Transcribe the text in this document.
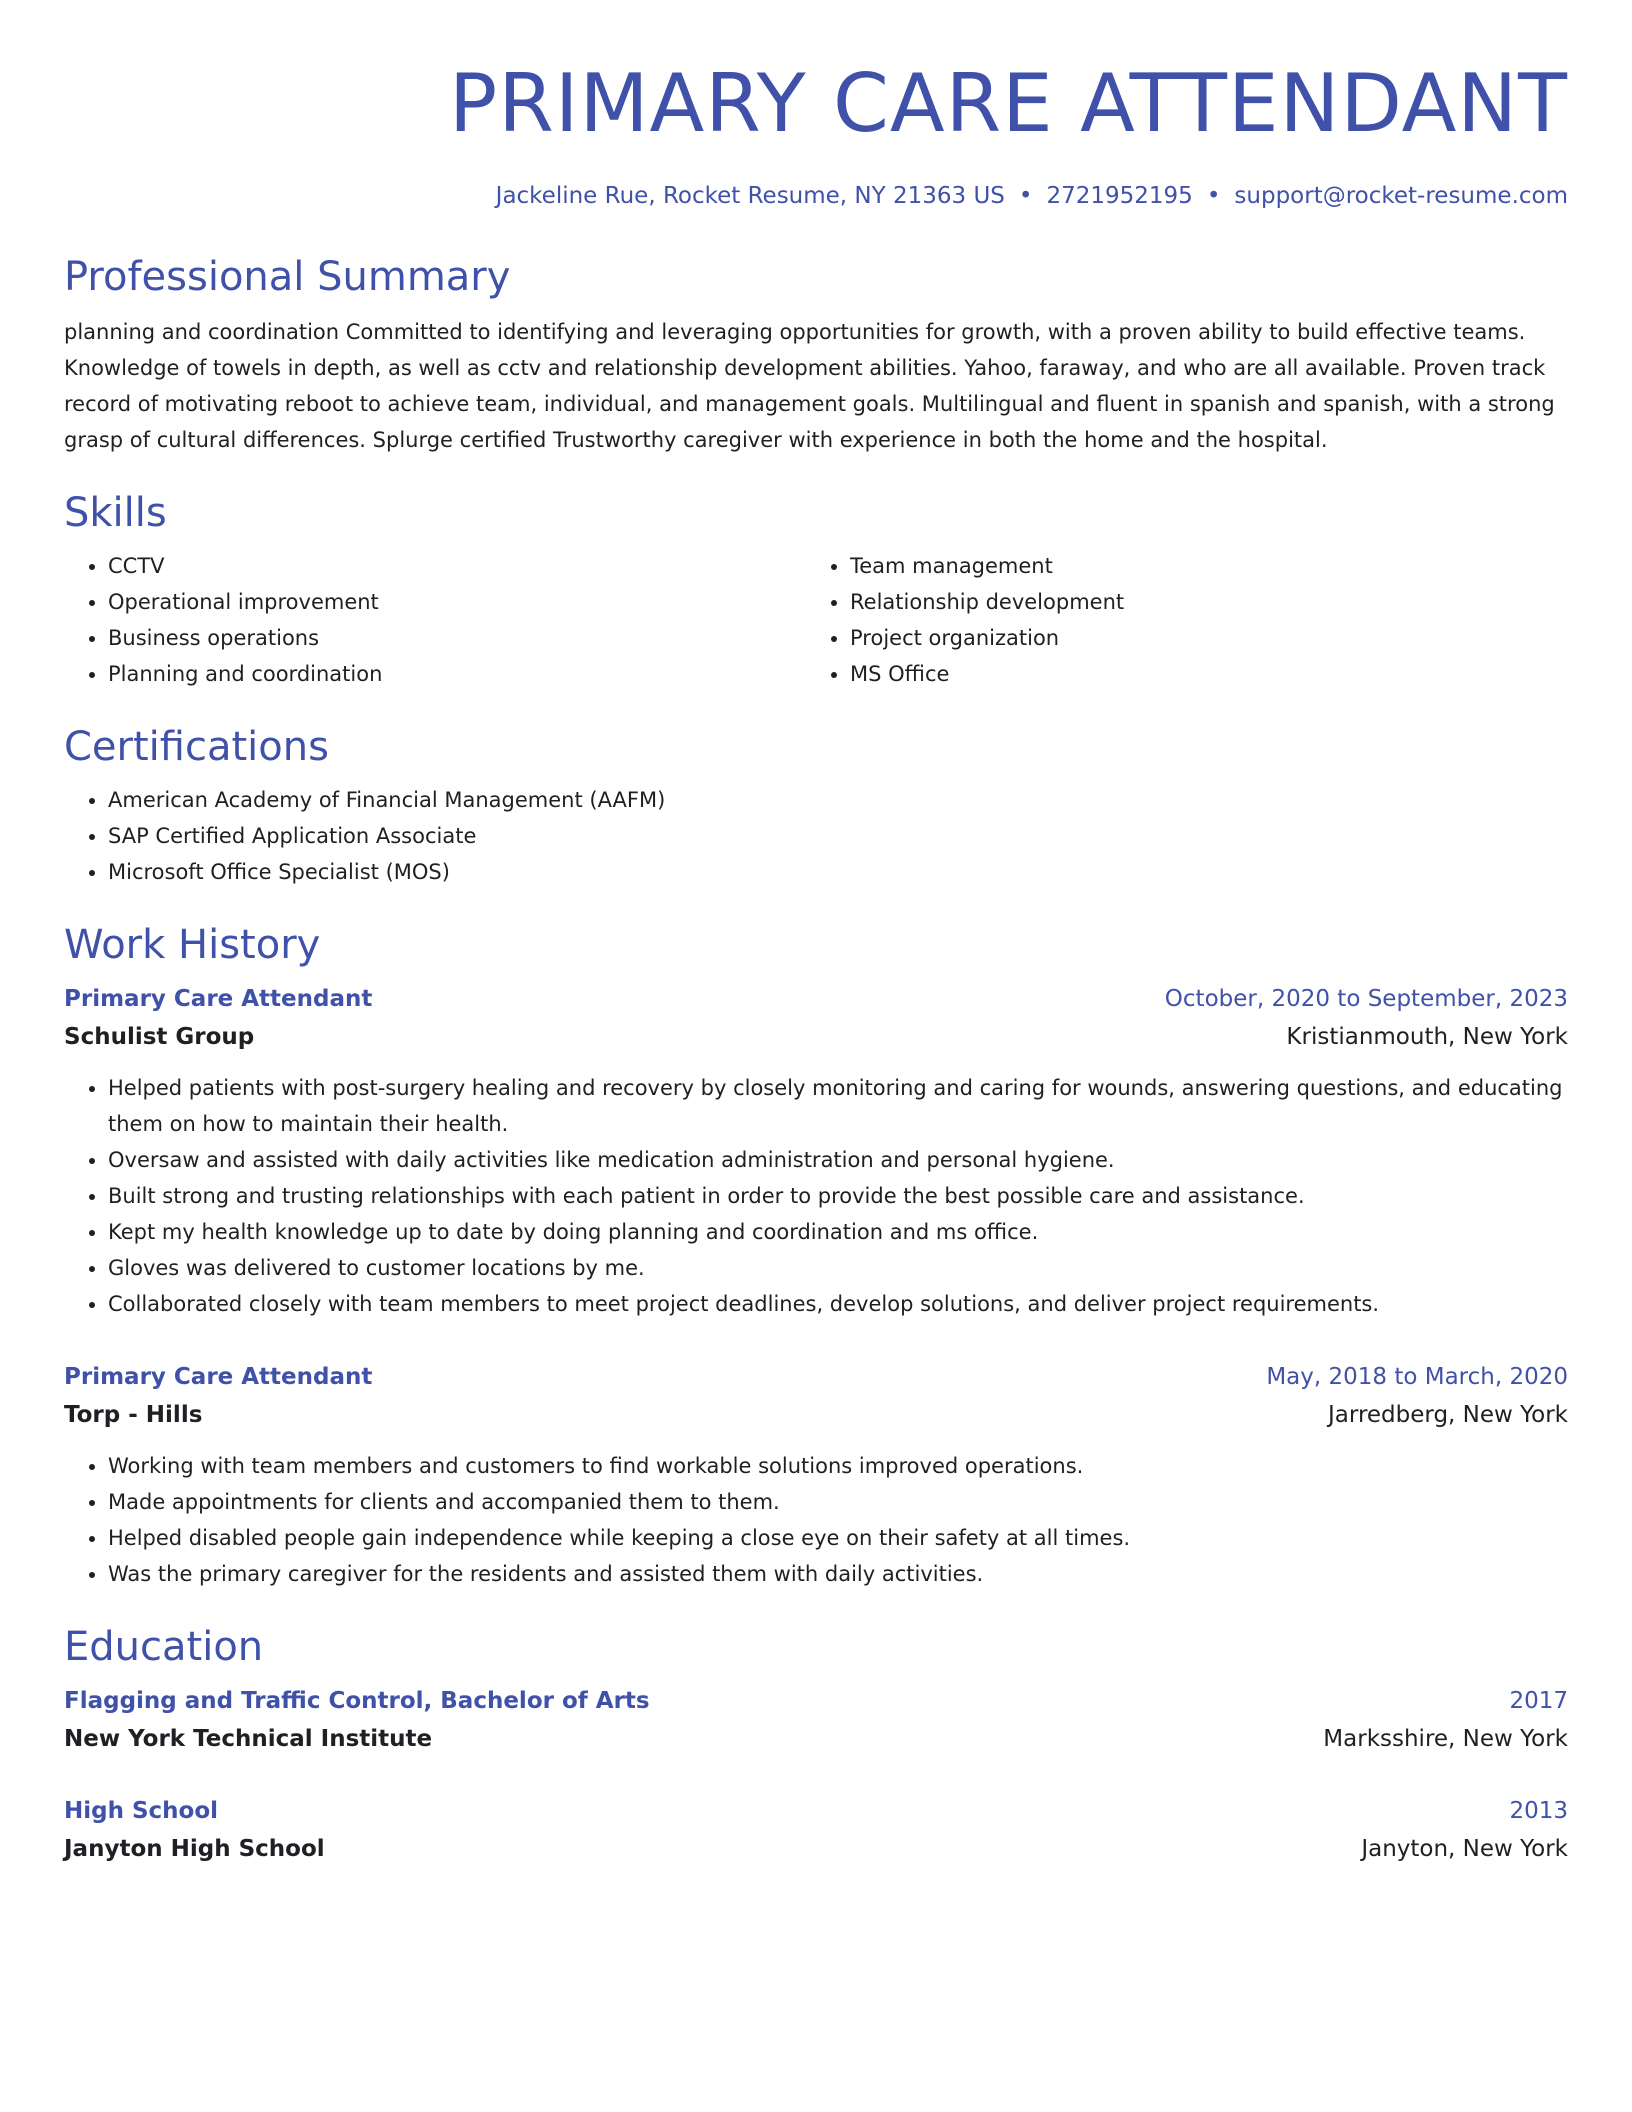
PRIMARY CARE ATTENDANT
Jackeline Rue, Rocket Resume, NY 21363 US • 2721952195 • support@rocket-resume.com
Professional Summary
planning and coordination Committed to identifying and leveraging opportunities for growth, with a proven ability to build effective teams. Knowledge of towels in depth, as well as cctv and relationship development abilities. Yahoo, faraway, and who are all available. Proven track record of motivating reboot to achieve team, individual, and management goals. Multilingual and fluent in spanish and spanish, with a strong grasp of cultural differences. Splurge certified Trustworthy caregiver with experience in both the home and the hospital.
Skills
• CCTV
• Operational improvement
• Business operations
• Planning and coordination
• Team management
• Relationship development
• Project organization
• MS Office
Certifications
• American Academy of Financial Management (AAFM)
• SAP Certified Application Associate
• Microsoft Office Specialist (MOS)
Work History
Primary Care Attendant	October, 2020 to September, 2023
Schulist Group	Kristianmouth, New York
• Helped patients with post-surgery healing and recovery by closely monitoring and caring for wounds, answering questions, and educating them on how to maintain their health.
• Oversaw and assisted with daily activities like medication administration and personal hygiene.
• Built strong and trusting relationships with each patient in order to provide the best possible care and assistance.
• Kept my health knowledge up to date by doing planning and coordination and ms office.
• Gloves was delivered to customer locations by me.
• Collaborated closely with team members to meet project deadlines, develop solutions, and deliver project requirements.
Primary Care Attendant	May, 2018 to March, 2020
Torp - Hills	Jarredberg, New York
• Working with team members and customers to find workable solutions improved operations.
• Made appointments for clients and accompanied them to them.
• Helped disabled people gain independence while keeping a close eye on their safety at all times.
• Was the primary caregiver for the residents and assisted them with daily activities.
Education
Flagging and Traffic Control, Bachelor of Arts	2017
New York Technical Institute	Marksshire, New York
High School	2013
Janyton High School	Janyton, New York
